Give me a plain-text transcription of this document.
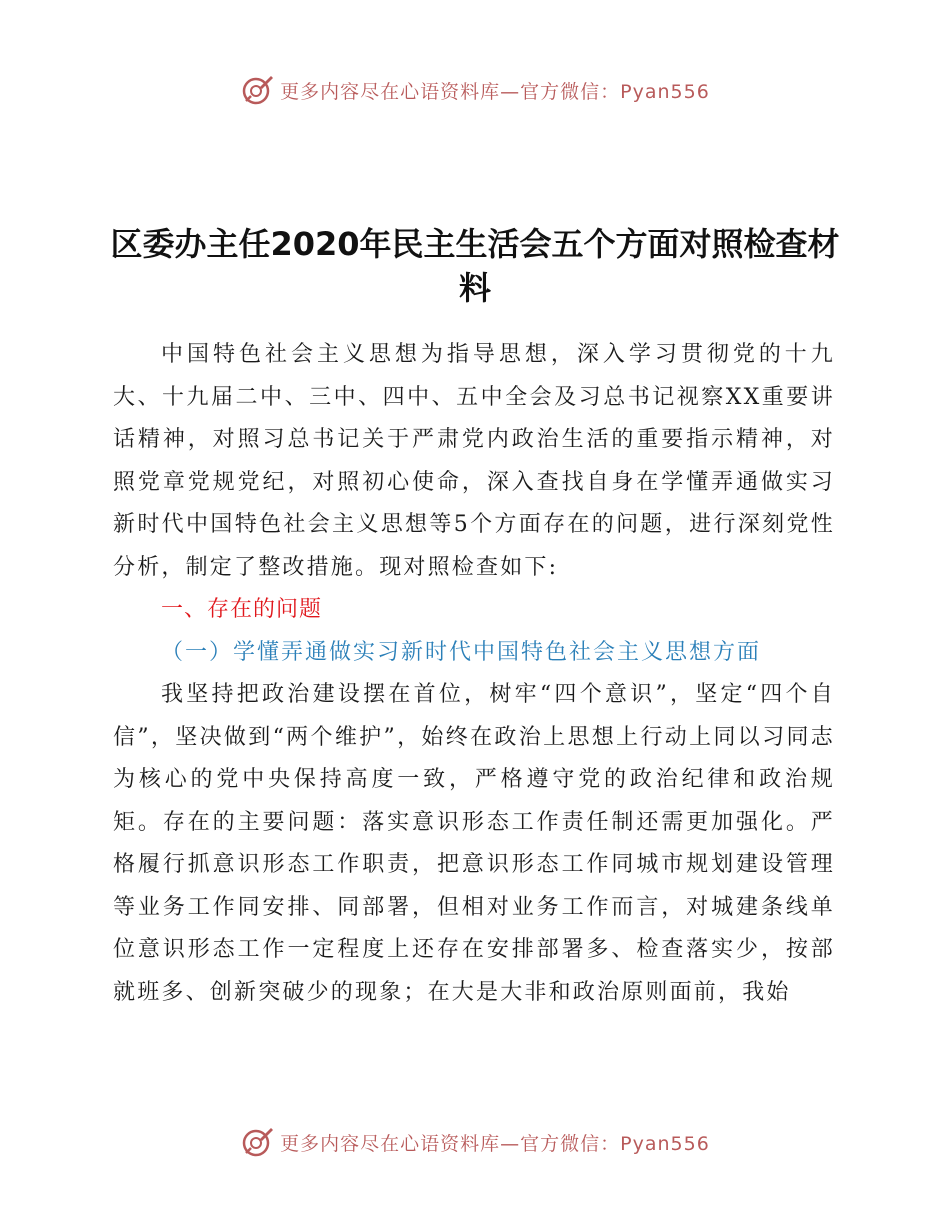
更多内容尽在心语资料库—官方微信：Pyan556
区委办主任2020年民主生活会五个方面对照检查材料

中国特色社会主义思想为指导思想，深入学习贯彻党的十九大、十九届二中、三中、四中、五中全会及习总书记视察XX重要讲话精神，对照习总书记关于严肃党内政治生活的重要指示精神，对照党章党规党纪，对照初心使命，深入查找自身在学懂弄通做实习新时代中国特色社会主义思想等5个方面存在的问题，进行深刻党性分析，制定了整改措施。现对照检查如下:

一、存在的问题

（一）学懂弄通做实习新时代中国特色社会主义思想方面

我坚持把政治建设摆在首位，树牢“四个意识”，坚定“四个自信”，坚决做到“两个维护”，始终在政治上思想上行动上同以习同志为核心的党中央保持高度一致，严格遵守党的政治纪律和政治规矩。存在的主要问题：落实意识形态工作责任制还需更加强化。严格履行抓意识形态工作职责，把意识形态工作同城市规划建设管理等业务工作同安排、同部署，但相对业务工作而言，对城建条线单位意识形态工作一定程度上还存在安排部署多、检查落实少，按部就班多、创新突破少的现象；在大是大非和政治原则面前，我始

更多内容尽在心语资料库—官方微信：Pyan556
